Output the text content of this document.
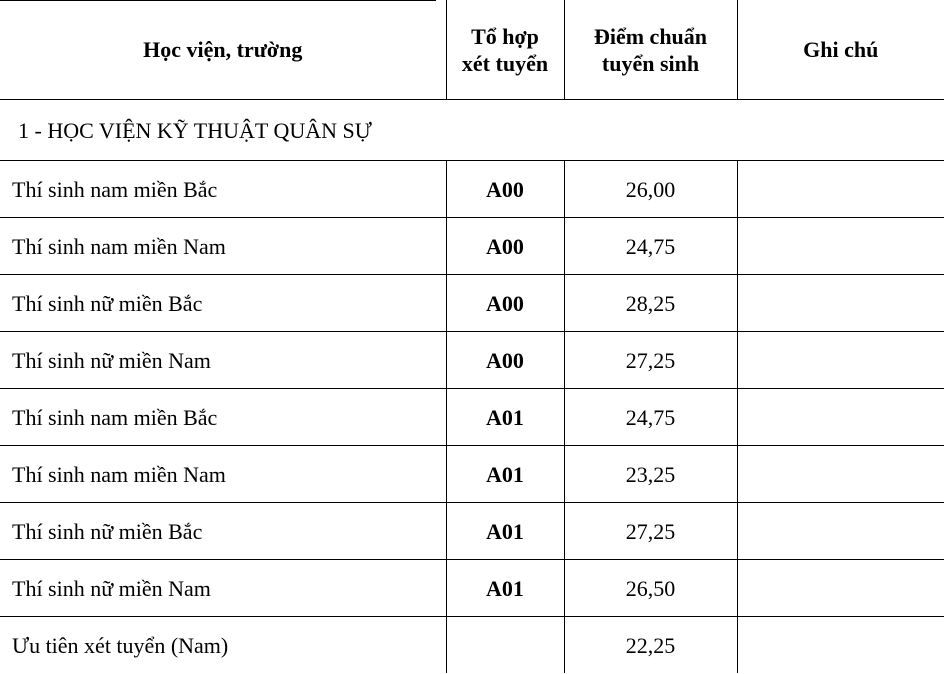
Học viện, trường	Tổ hợp xét tuyển	Điểm chuẩn tuyển sinh	Ghi chú

1 - HỌC VIỆN KỸ THUẬT QUÂN SỰ			
Thí sinh nam miền Bắc	A00	26,00	
Thí sinh nam miền Nam	A00	24,75	
Thí sinh nữ miền Bắc	A00	28,25	
Thí sinh nữ miền Nam	A00	27,25	
Thí sinh nam miền Bắc	A01	24,75	
Thí sinh nam miền Nam	A01	23,25	
Thí sinh nữ miền Bắc	A01	27,25	
Thí sinh nữ miền Nam	A01	26,50	
Ưu tiên xét tuyển (Nam)		22,25	
